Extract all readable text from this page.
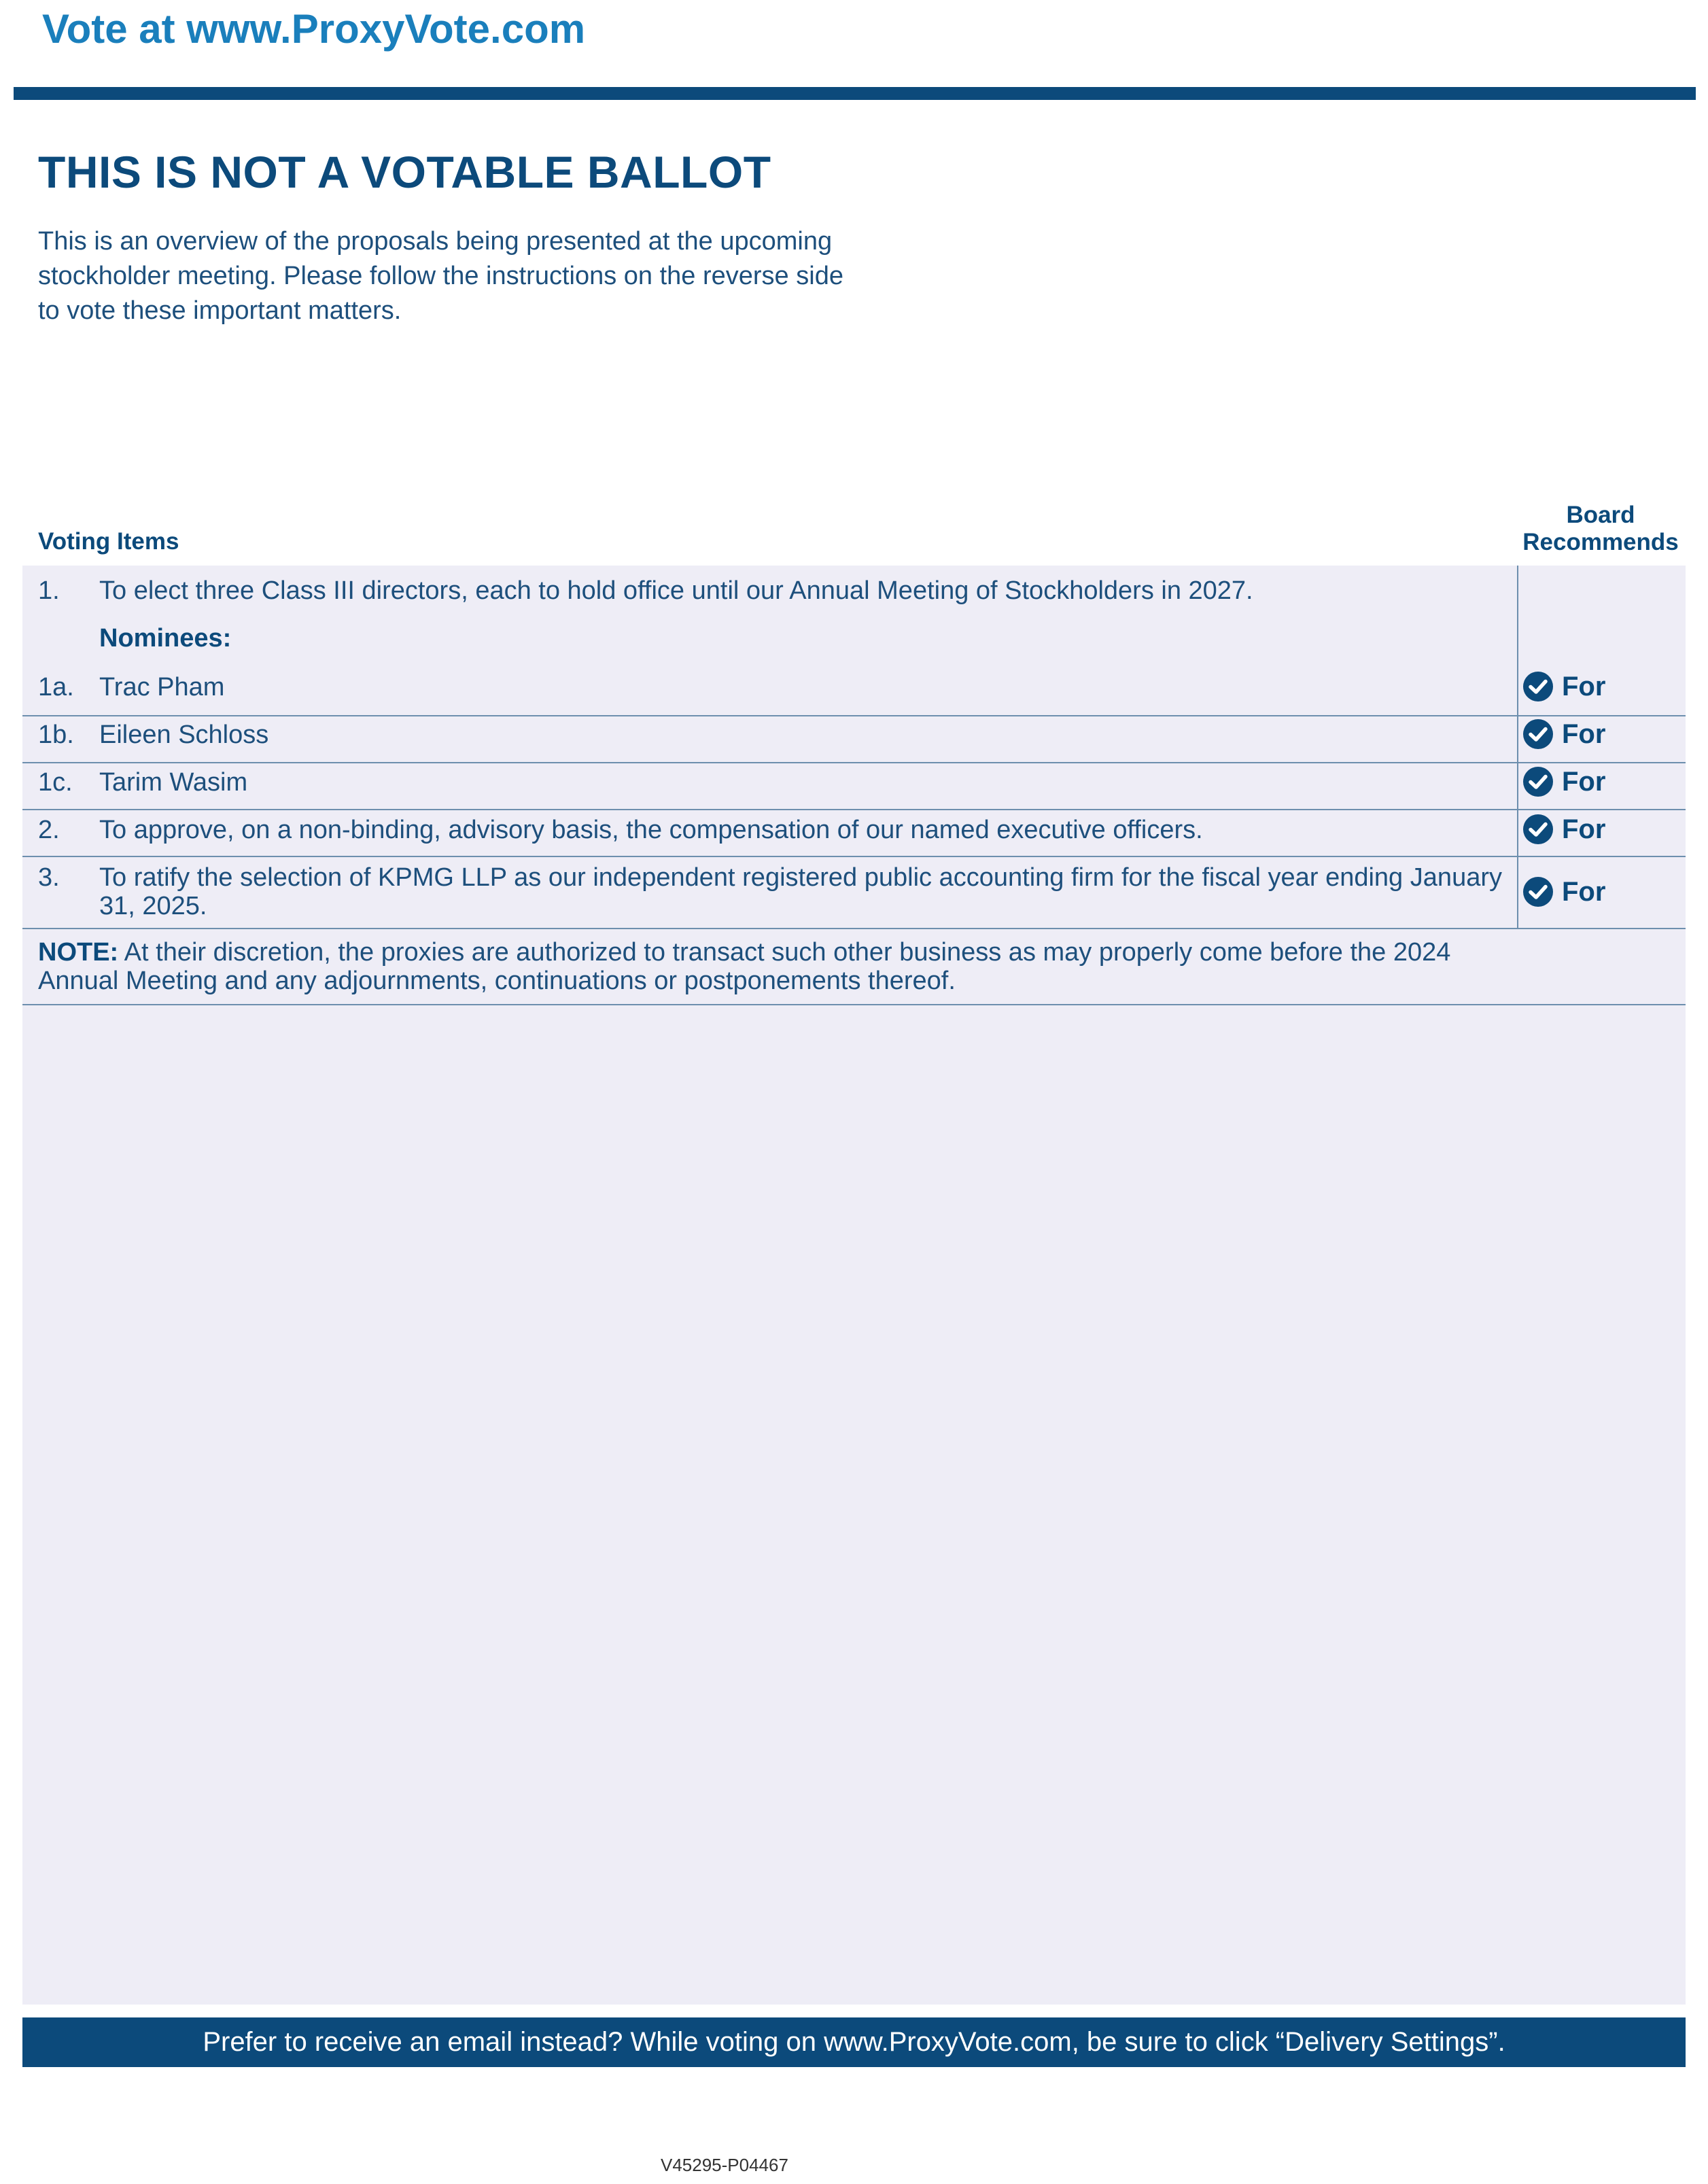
Vote at www.ProxyVote.com
THIS IS NOT A VOTABLE BALLOT
This is an overview of the proposals being presented at the upcoming stockholder meeting. Please follow the instructions on the reverse side to vote these important matters.
Voting Items
Board
Recommends
1. To elect three Class III directors, each to hold office until our Annual Meeting of Stockholders in 2027.
Nominees:
1a. Trac Pham	For
1b. Eileen Schloss	For
1c. Tarim Wasim	For
2. To approve, on a non-binding, advisory basis, the compensation of our named executive officers.	For
3. To ratify the selection of KPMG LLP as our independent registered public accounting firm for the fiscal year ending January 31, 2025.	For
NOTE: At their discretion, the proxies are authorized to transact such other business as may properly come before the 2024 Annual Meeting and any adjournments, continuations or postponements thereof.
Prefer to receive an email instead? While voting on www.ProxyVote.com, be sure to click “Delivery Settings”.
V45295-P04467
